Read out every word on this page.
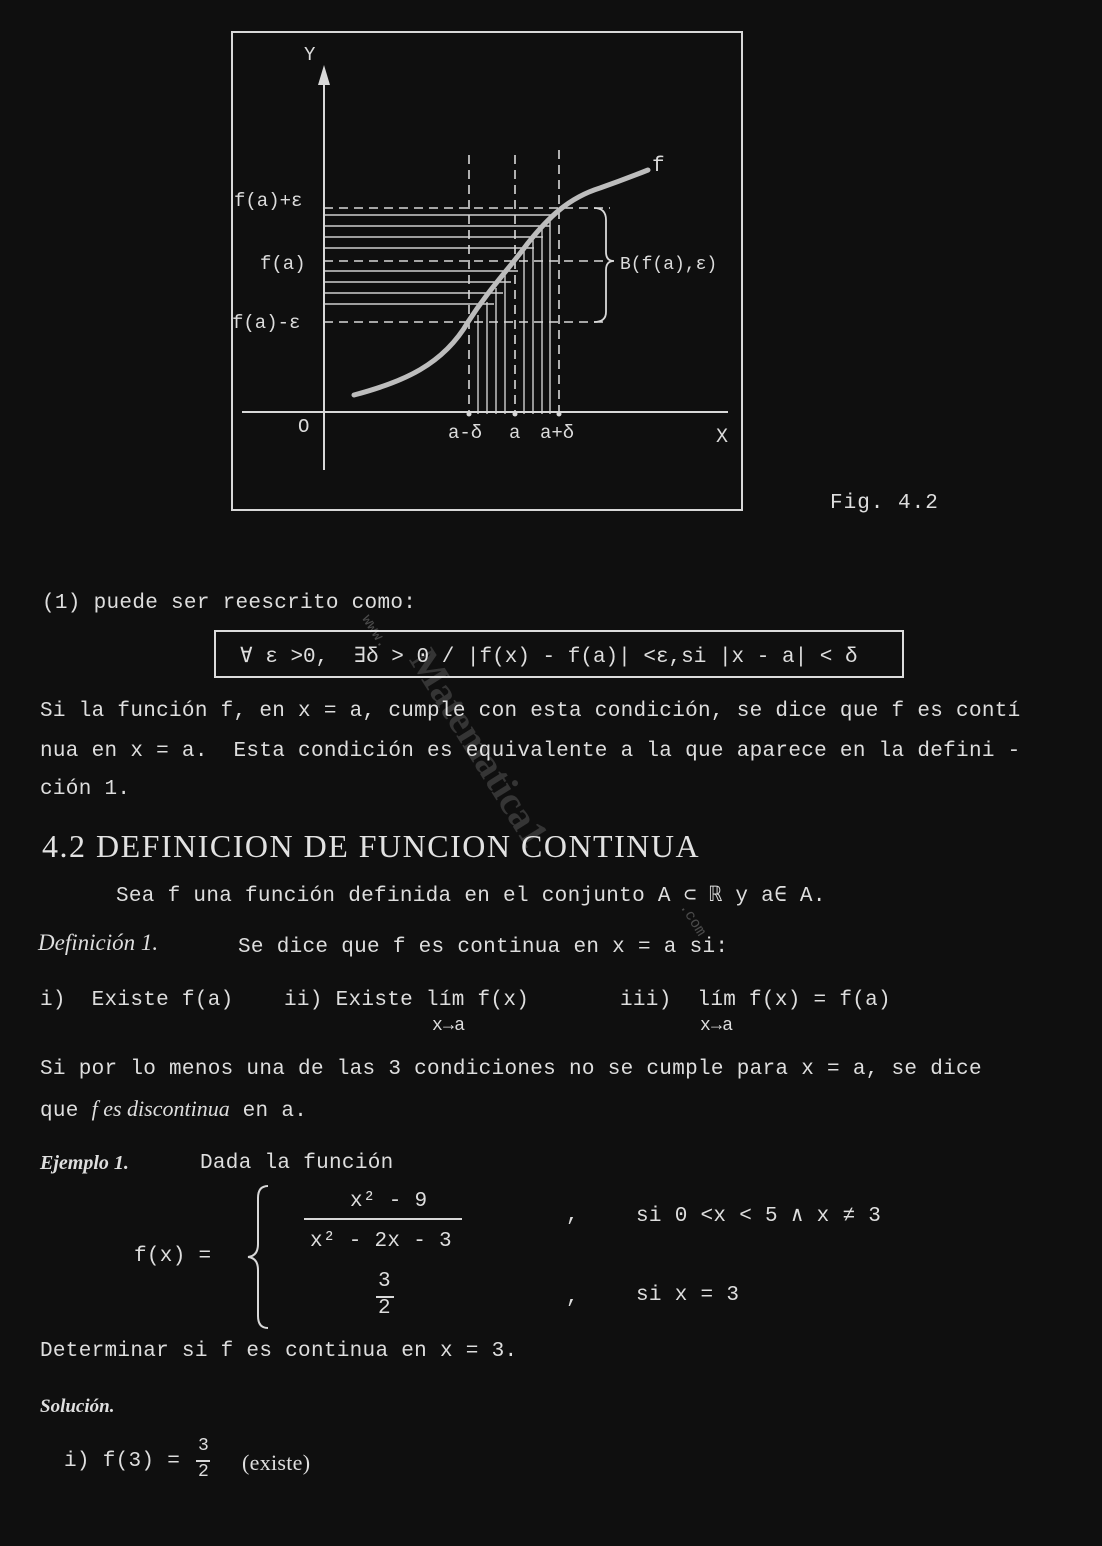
Y
X
O
f
f(a)+ε
f(a)
f(a)-ε
a-δ a a+δ
B(f(a),ε)
Fig. 4.2
(1) puede ser reescrito como:
∀ ε >0,  ∃δ > 0 / |f(x) - f(a)| <ε,si |x - a| < δ
Si la función f, en x = a, cumple con esta condición, se dice que f es contí
nua en x = a.  Esta condición es equivalente a la que aparece en la defini -
ción 1.
4.2 DEFINICION DE FUNCION CONTINUA
Sea f una función definida en el conjunto A ⊂ ℝ y a∈ A.
Definición 1.	Se dice que f es continua en x = a si:
i)  Existe f(a) ii) Existe lím f(x)
x→a
iii)  lím f(x) = f(a)
x→a
Si por lo menos una de las 3 condiciones no se cumple para x = a, se dice
que f es discontinua en a.
Ejemplo 1.	Dada la función
f(x) =
x² - 9
x² - 2x - 3
,	si 0 <x < 5 ∧ x ≠ 3
3
2	,	si x = 3
Determinar si f es continua en x = 3.
Solución.
i) f(3) =
3
2 (existe)
www.
Matematica1
.com
